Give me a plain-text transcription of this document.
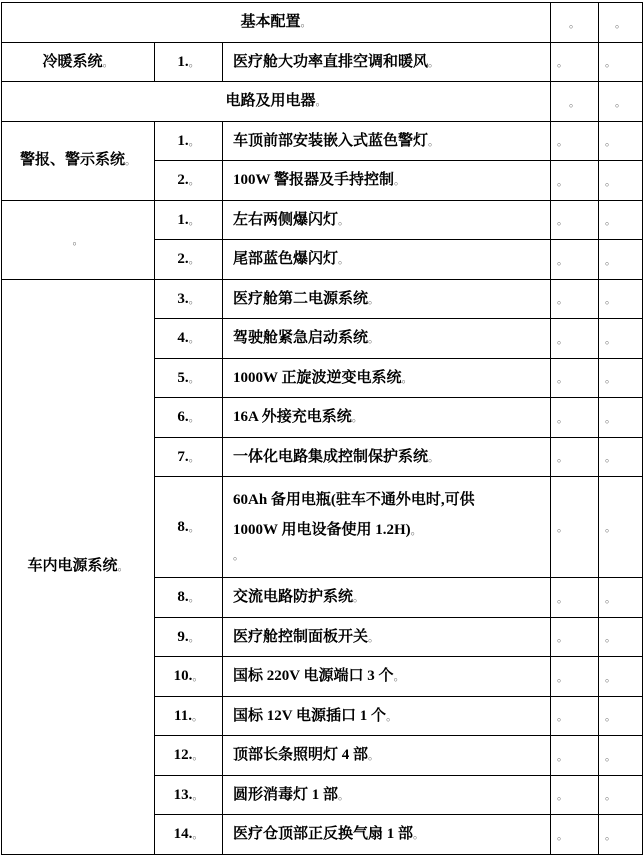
基本配置。			。	。

冷暖系统。	1.。	医疗舱大功率直排空调和暖风。	。	。

电路及用电器。			。	。

警报、警示系统。	1.。	车顶前部安装嵌入式蓝色警灯。	。	。

	2.。	100W 警报器及手持控制。	。	。

。	1.。	左右两侧爆闪灯。	。	。

	2.。	尾部蓝色爆闪灯。	。	。

车内电源系统。	3.。	医疗舱第二电源系统。	。	。

	4.。	驾驶舱紧急启动系统。	。	。

	5.。	1000W 正旋波逆变电系统。	。	。

	6.。	16A 外接充电系统。	。	。

	7.。	一体化电路集成控制保护系统。	。	。

	8.。	60Ah 备用电瓶(驻车不通外电时,可供
1000W 用电设备使用 1.2H)。
。	。	。

	8.。	交流电路防护系统。	。	。

	9.。	医疗舱控制面板开关。	。	。

	10.。	国标 220V 电源端口 3 个。	。	。

	11.。	国标 12V 电源插口 1 个。	。	。

	12.。	顶部长条照明灯 4 部。	。	。

	13.。	圆形消毒灯 1 部。	。	。

	14.。	医疗仓顶部正反换气扇 1 部。	。	。
